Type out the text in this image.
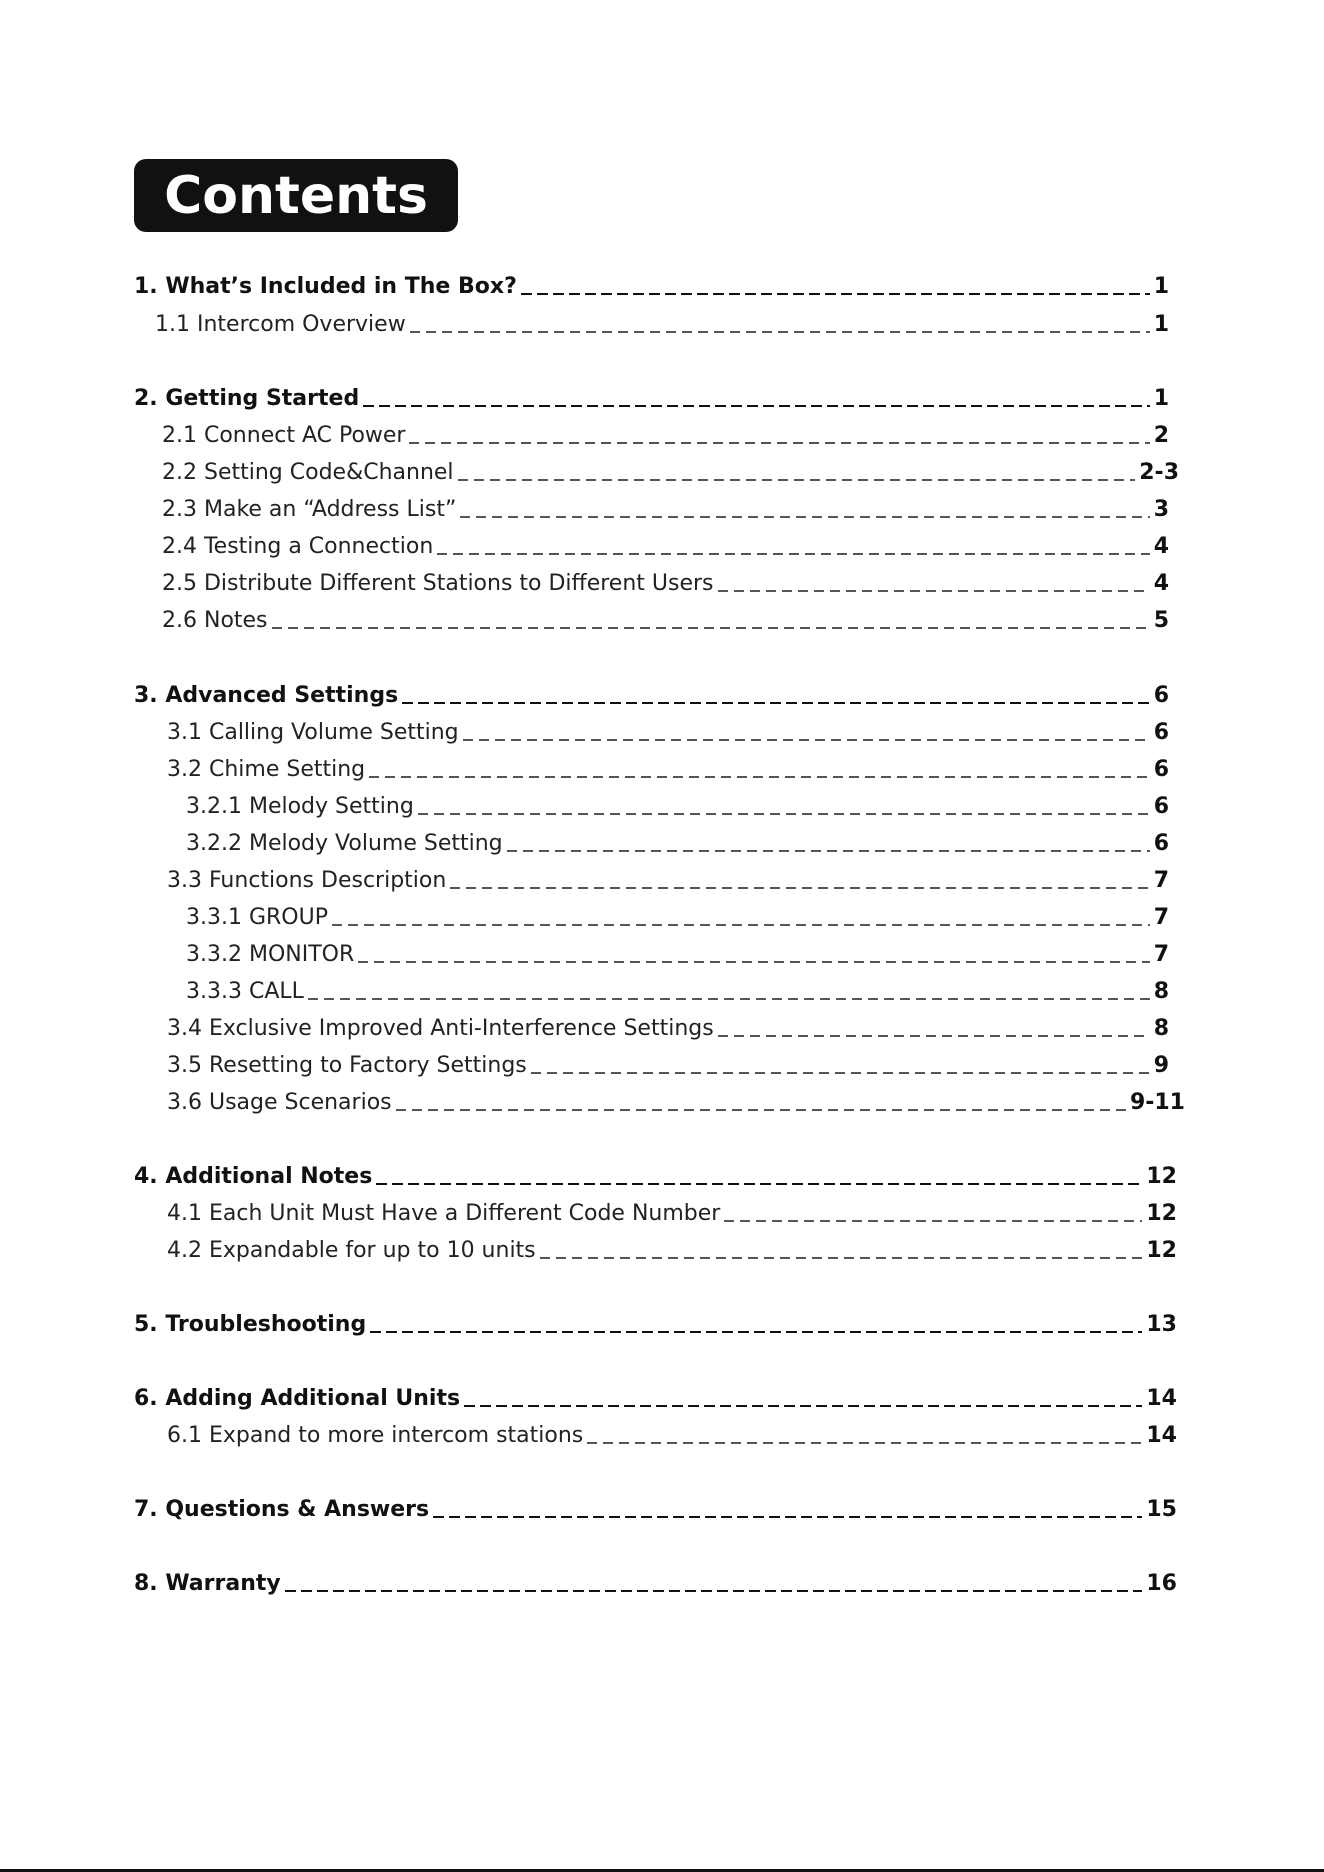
Contents
1. What’s Included in The Box?	1
1.1 Intercom Overview	1
2. Getting Started	1
2.1 Connect AC Power	2
2.2 Setting Code&Channel	2-3
2.3 Make an “Address List”	3
2.4 Testing a Connection	4
2.5 Distribute Different Stations to Different Users	4
2.6 Notes	5
3. Advanced Settings	6
3.1 Calling Volume Setting	6
3.2 Chime Setting	6
3.2.1 Melody Setting	6
3.2.2 Melody Volume Setting	6
3.3 Functions Description	7
3.3.1 GROUP	7
3.3.2 MONITOR	7
3.3.3 CALL	8
3.4 Exclusive Improved Anti-Interference Settings	8
3.5 Resetting to Factory Settings	9
3.6 Usage Scenarios	9-11
4. Additional Notes	12
4.1 Each Unit Must Have a Different Code Number	12
4.2 Expandable for up to 10 units	12
5. Troubleshooting	13
6. Adding Additional Units	14
6.1 Expand to more intercom stations	14
7. Questions & Answers	15
8. Warranty	16
